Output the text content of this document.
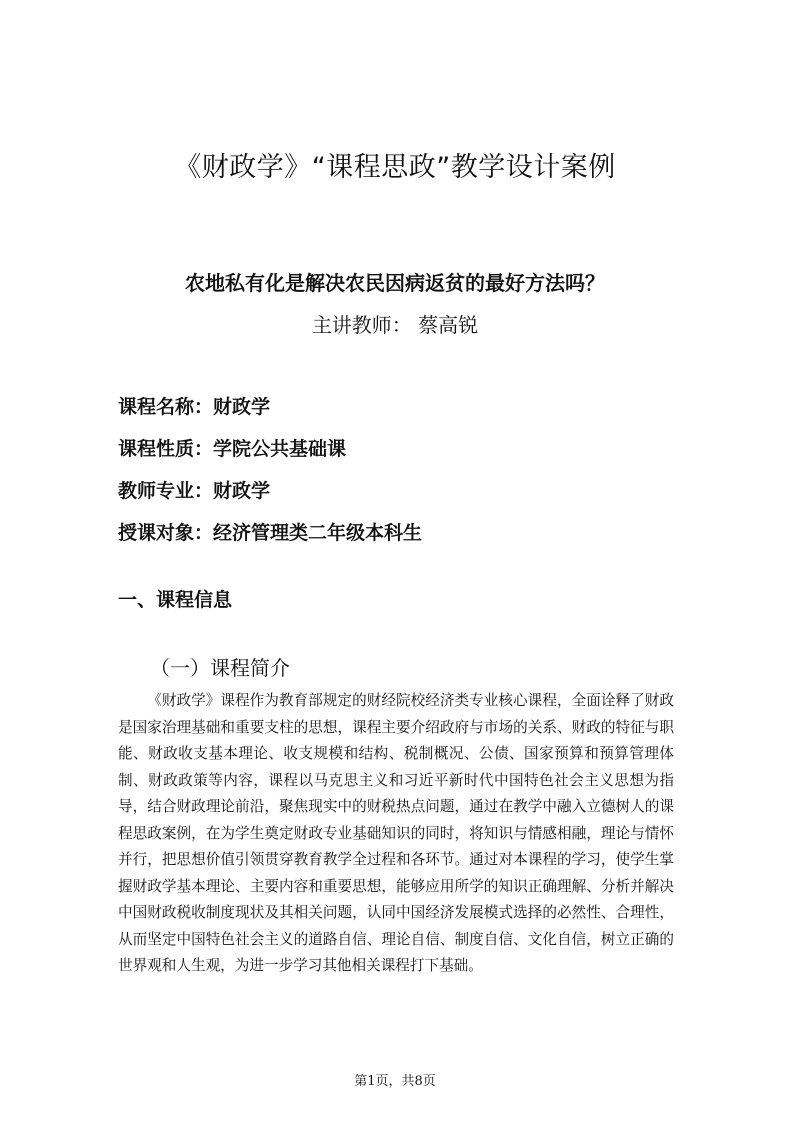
《财政学》“课程思政”教学设计案例
农地私有化是解决农民因病返贫的最好方法吗？
主讲教师： 蔡高锐
课程名称：财政学
课程性质：学院公共基础课
教师专业：财政学
授课对象：经济管理类二年级本科生
一、课程信息
（一）课程简介

《财政学》课程作为教育部规定的财经院校经济类专业核心课程，全面诠释了财政是国家治理基础和重要支柱的思想，课程主要介绍政府与市场的关系、财政的特征与职能、财政收支基本理论、收支规模和结构、税制概况、公债、国家预算和预算管理体制、财政政策等内容，课程以马克思主义和习近平新时代中国特色社会主义思想为指导，结合财政理论前沿，聚焦现实中的财税热点问题，通过在教学中融入立德树人的课程思政案例，在为学生奠定财政专业基础知识的同时，将知识与情感相融，理论与情怀并行，把思想价值引领贯穿教育教学全过程和各环节。通过对本课程的学习，使学生掌握财政学基本理论、主要内容和重要思想，能够应用所学的知识正确理解、分析并解决中国财政税收制度现状及其相关问题，认同中国经济发展模式选择的必然性、合理性，从而坚定中国特色社会主义的道路自信、理论自信、制度自信、文化自信，树立正确的世界观和人生观，为进一步学习其他相关课程打下基础。

第1页，共8页
